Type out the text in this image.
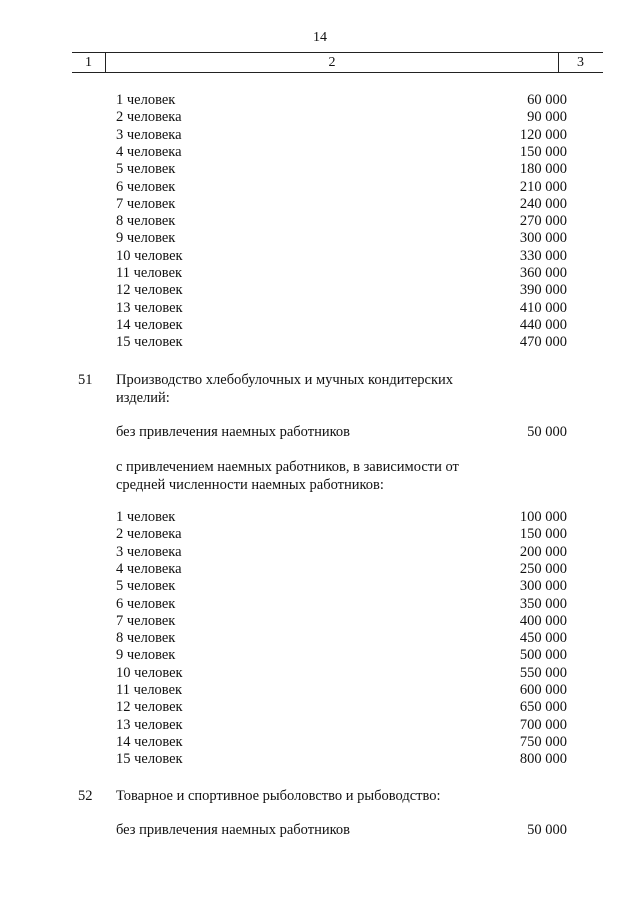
14
1	2	3
1 человек	60 000
2 человека	90 000
3 человека	120 000
4 человека	150 000
5 человек	180 000
6 человек	210 000
7 человек	240 000
8 человек	270 000
9 человек	300 000
10 человек	330 000
11 человек	360 000
12 человек	390 000
13 человек	410 000
14 человек	440 000
15 человек	470 000
51 Производство хлебобулочных и мучных кондитерских изделий:
без привлечения наемных работников	50 000
с привлечением наемных работников, в зависимости от средней численности наемных работников:
1 человек	100 000
2 человека	150 000
3 человека	200 000
4 человека	250 000
5 человек	300 000
6 человек	350 000
7 человек	400 000
8 человек	450 000
9 человек	500 000
10 человек	550 000
11 человек	600 000
12 человек	650 000
13 человек	700 000
14 человек	750 000
15 человек	800 000
52 Товарное и спортивное рыболовство и рыбоводство:
без привлечения наемных работников	50 000
